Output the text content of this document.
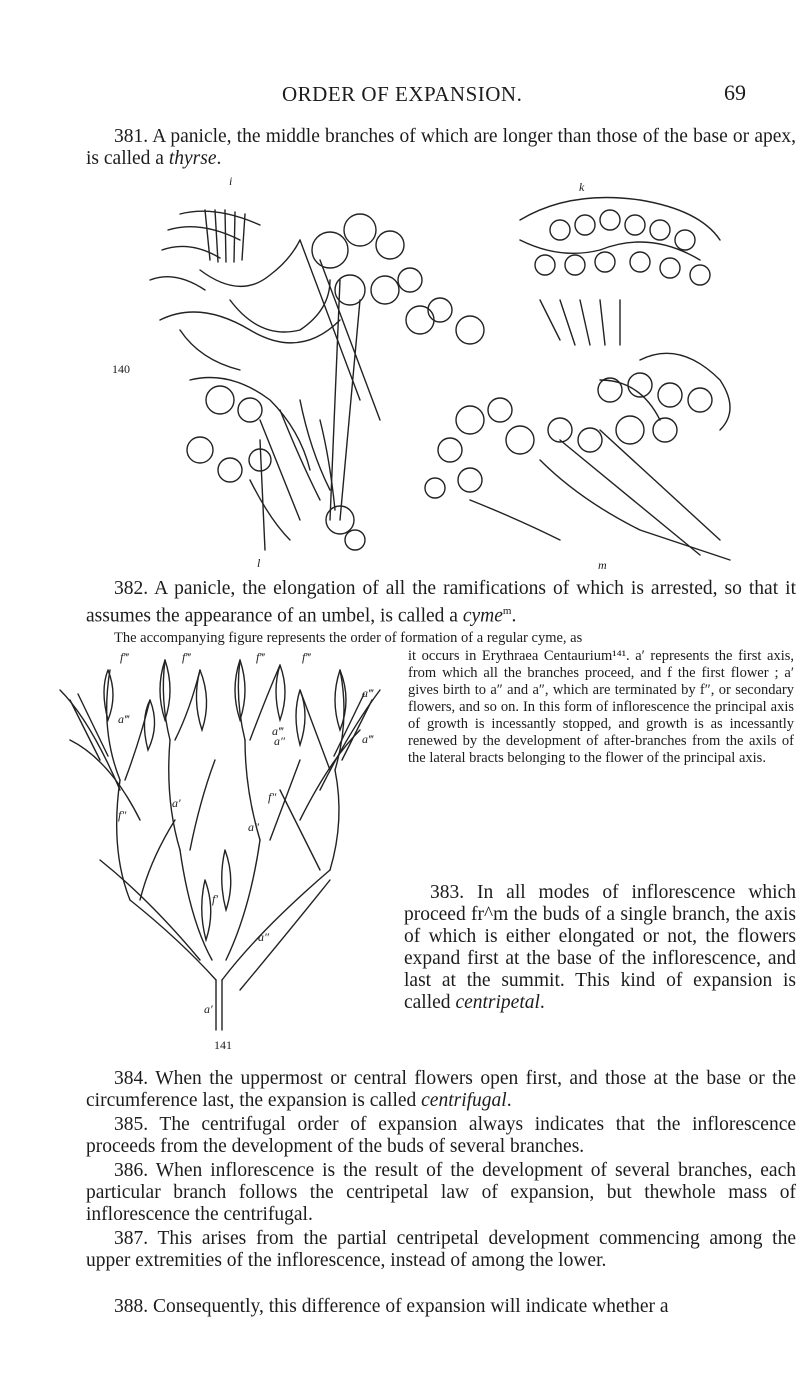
ORDER OF EXPANSION.	69
381. A panicle, the middle branches of which are longer than those of the base or apex, is called a thyrse.
i	k
140
l	m
382. A panicle, the elongation of all the ramifications of which is arrested, so that it assumes the appearance of an umbel, is called a cyme$^m$.
The accompanying figure represents the order of formation of a regular cyme, as
it occurs in Erythraea Centaurium¹⁴¹. a′ represents the first axis, from which all the branches proceed, and f the first flower ; a′ gives birth to a″ and a″, which are terminated by f″, or secondary flowers, and so on. In this form of inflorescence the principal axis of growth is incessantly stopped, and growth is as incessantly renewed by the development of after-branches from the axils of the lateral bracts belonging to the flower of the principal axis.
f‴	f‴	f‴	f‴
a‴
a″
f″
a‴
a‴
a″
f″
a′
a‴
f′
a″
a′
141
383. In all modes of inflorescence which proceed fr^m the buds of a single branch, the axis of which is either elongated or not, the flowers expand first at the base of the inflorescence, and last at the summit. This kind of expansion is called centripetal.
384. When the uppermost or central flowers open first, and those at the base or the circumference last, the expansion is called centrifugal.
385. The centrifugal order of expansion always indicates that the inflorescence proceeds from the development of the buds of several branches.
386. When inflorescence is the result of the development of several branches, each particular branch follows the centripetal law of expansion, but thewhole mass of inflorescence the centrifugal.
387. This arises from the partial centripetal development commencing among the upper extremities of the inflorescence, instead of among the lower.
388. Consequently, this difference of expansion will indicate whether a
